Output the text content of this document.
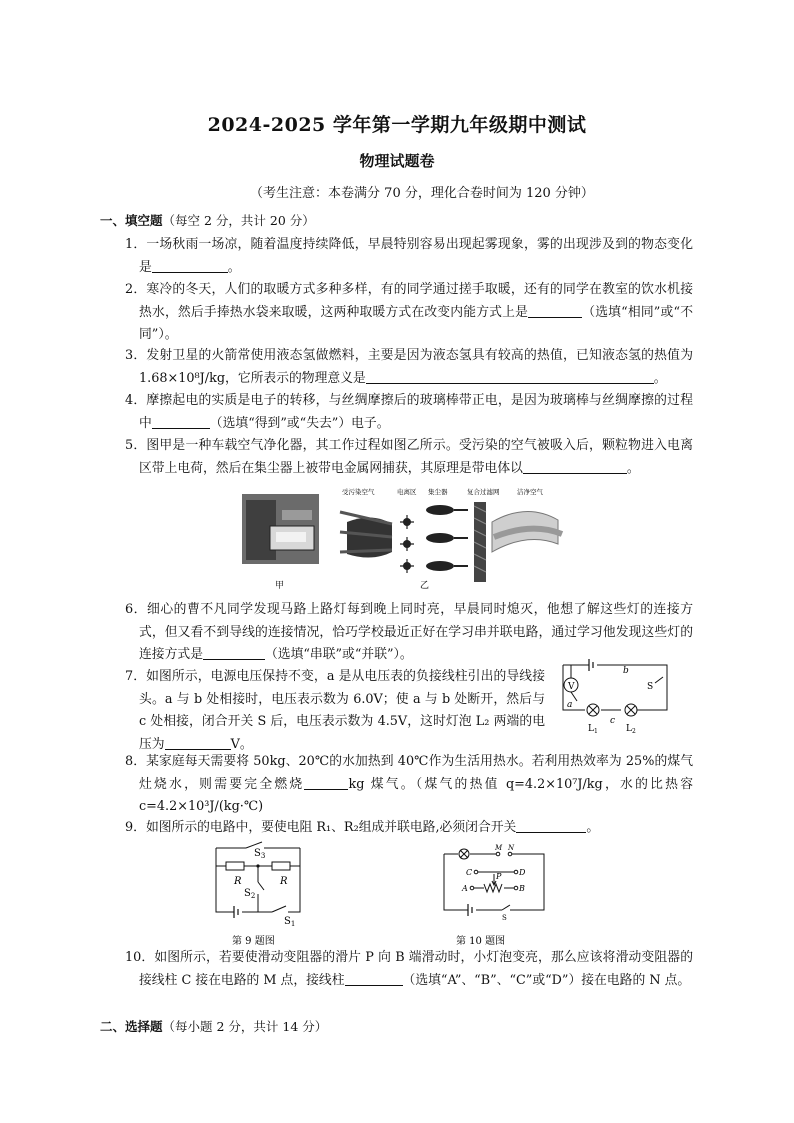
2024-2025 学年第一学期九年级期中测试
物理试题卷
（考生注意：本卷满分 70 分，理化合卷时间为 120 分钟）
一、填空题（每空 2 分，共计 20 分）
1．一场秋雨一场凉，随着温度持续降低，早晨特别容易出现起雾现象，雾的出现涉及到的物态变化是	。
2．寒冷的冬天，人们的取暖方式多种多样，有的同学通过搓手取暖，还有的同学在教室的饮水机接热水，然后手捧热水袋来取暖，这两种取暖方式在改变内能方式上是	（选填“相同”或“不同”）。
3．发射卫星的火箭常使用液态氢做燃料，主要是因为液态氢具有较高的热值，已知液态氢的热值为 1.68×10⁸J/kg，它所表示的物理意义是	。
4．摩擦起电的实质是电子的转移，与丝绸摩擦后的玻璃棒带正电，是因为玻璃棒与丝绸摩擦的过程中	（选填“得到”或“失去”）电子。
5．图甲是一种车载空气净化器，其工作过程如图乙所示。受污染的空气被吸入后，颗粒物进入电离区带上电荷，然后在集尘器上被带电金属网捕获，其原理是带电体以	。
受污染空气	电离区 集尘器	复合过滤网	洁净空气
甲	乙
6．细心的曹不凡同学发现马路上路灯每到晚上同时亮，早晨同时熄灭，他想了解这些灯的连接方式，但又看不到导线的连接情况，恰巧学校最近正好在学习串并联电路，通过学习他发现这些灯的连接方式是	（选填“串联”或“并联”）。
7．如图所示，电源电压保持不变，a 是从电压表的负接线柱引出的导线接头。a 与 b 处相接时，电压表示数为 6.0V；使 a 与 b 处断开，然后与 c 处相接，闭合开关 S 后，电压表示数为 4.5V，这时灯泡 L₂ 两端的电压为	V。
V
a
b
c
S
$L_1$	$L_2$
8．某家庭每天需要将 50kg、20℃的水加热到 40℃作为生活用热水。若利用热效率为 25%的煤气灶烧水，则需要完全燃烧	kg 煤气。（煤气的热值 q=4.2×10⁷J/kg，水的比热容 c=4.2×10³J/(kg·℃)
9．如图所示的电路中，要使电阻 R₁、R₂组成并联电路,必须闭合开关	。
$S_3$
R	R
$S_2$
$S_1$
第 9 题图
M N
C	D
A	B
P
S
第 10 题图
10．如图所示，若要使滑动变阻器的滑片 P 向 B 端滑动时，小灯泡变亮，那么应该将滑动变阻器的接线柱 C 接在电路的 M 点，接线柱	（选填“A”、“B”、“C”或“D”）接在电路的 N 点。
二、选择题（每小题 2 分，共计 14 分）
